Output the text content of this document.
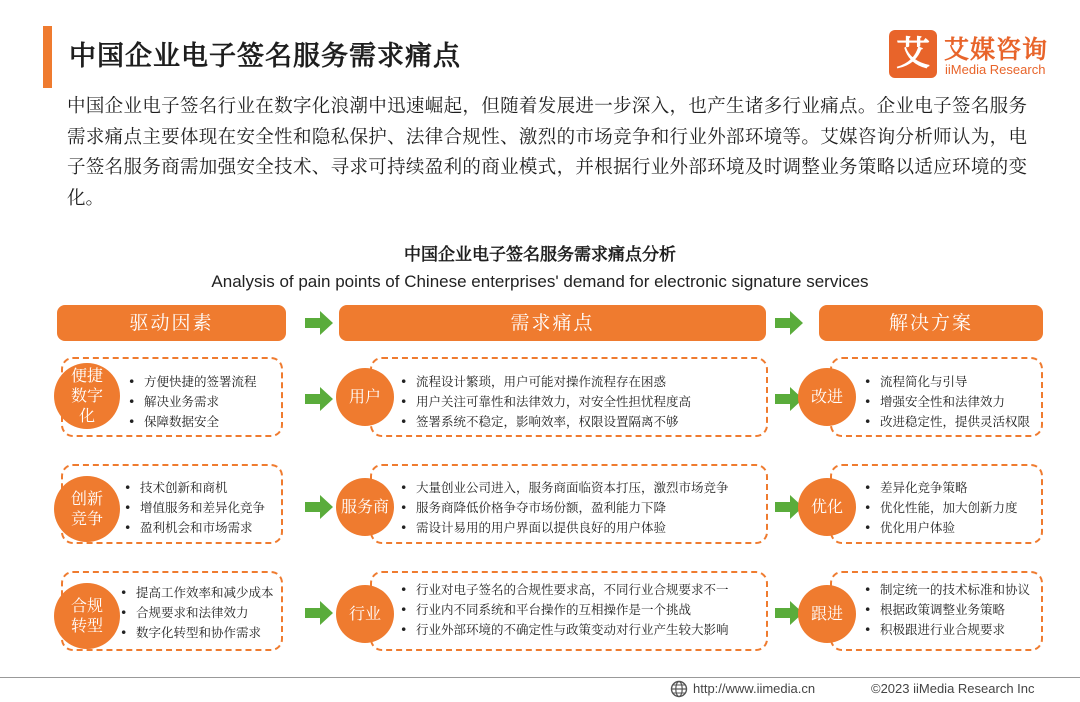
中国企业电子签名服务需求痛点	艾 艾媒咨询
iiMedia Research

中国企业电子签名行业在数字化浪潮中迅速崛起，但随着发展进一步深入，也产生诸多行业痛点。企业电子签名服务需求痛点主要体现在安全性和隐私保护、法律合规性、激烈的市场竞争和行业外部环境等。艾媒咨询分析师认为，电子签名服务商需加强安全技术、寻求可持续盈利的商业模式，并根据行业外部环境及时调整业务策略以适应环境的变化。

中国企业电子签名服务需求痛点分析
Analysis of pain points of Chinese enterprises' demand for electronic signature services
驱动因素	需求痛点	解决方案
便捷数字化
• 方便快捷的签署流程
• 解决业务需求
• 保障数据安全
用户
• 流程设计繁琐，用户可能对操作流程存在困惑
• 用户关注可靠性和法律效力，对安全性担忧程度高
• 签署系统不稳定，影响效率，权限设置隔离不够
改进
• 流程简化与引导
• 增强安全性和法律效力
• 改进稳定性，提供灵活权限
创新竞争
• 技术创新和商机
• 增值服务和差异化竞争
• 盈利机会和市场需求
服务商
• 大量创业公司进入，服务商面临资本打压，激烈市场竞争
• 服务商降低价格争夺市场份额，盈利能力下降
• 需设计易用的用户界面以提供良好的用户体验
优化
• 差异化竞争策略
• 优化性能，加大创新力度
• 优化用户体验
合规转型
• 提高工作效率和减少成本
• 合规要求和法律效力
• 数字化转型和协作需求
行业
• 行业对电子签名的合规性要求高，不同行业合规要求不一
• 行业内不同系统和平台操作的互相操作是一个挑战
• 行业外部环境的不确定性与政策变动对行业产生较大影响
跟进
• 制定统一的技术标准和协议
• 根据政策调整业务策略
• 积极跟进行业合规要求
http://www.iimedia.cn	©2023 iiMedia Research Inc
